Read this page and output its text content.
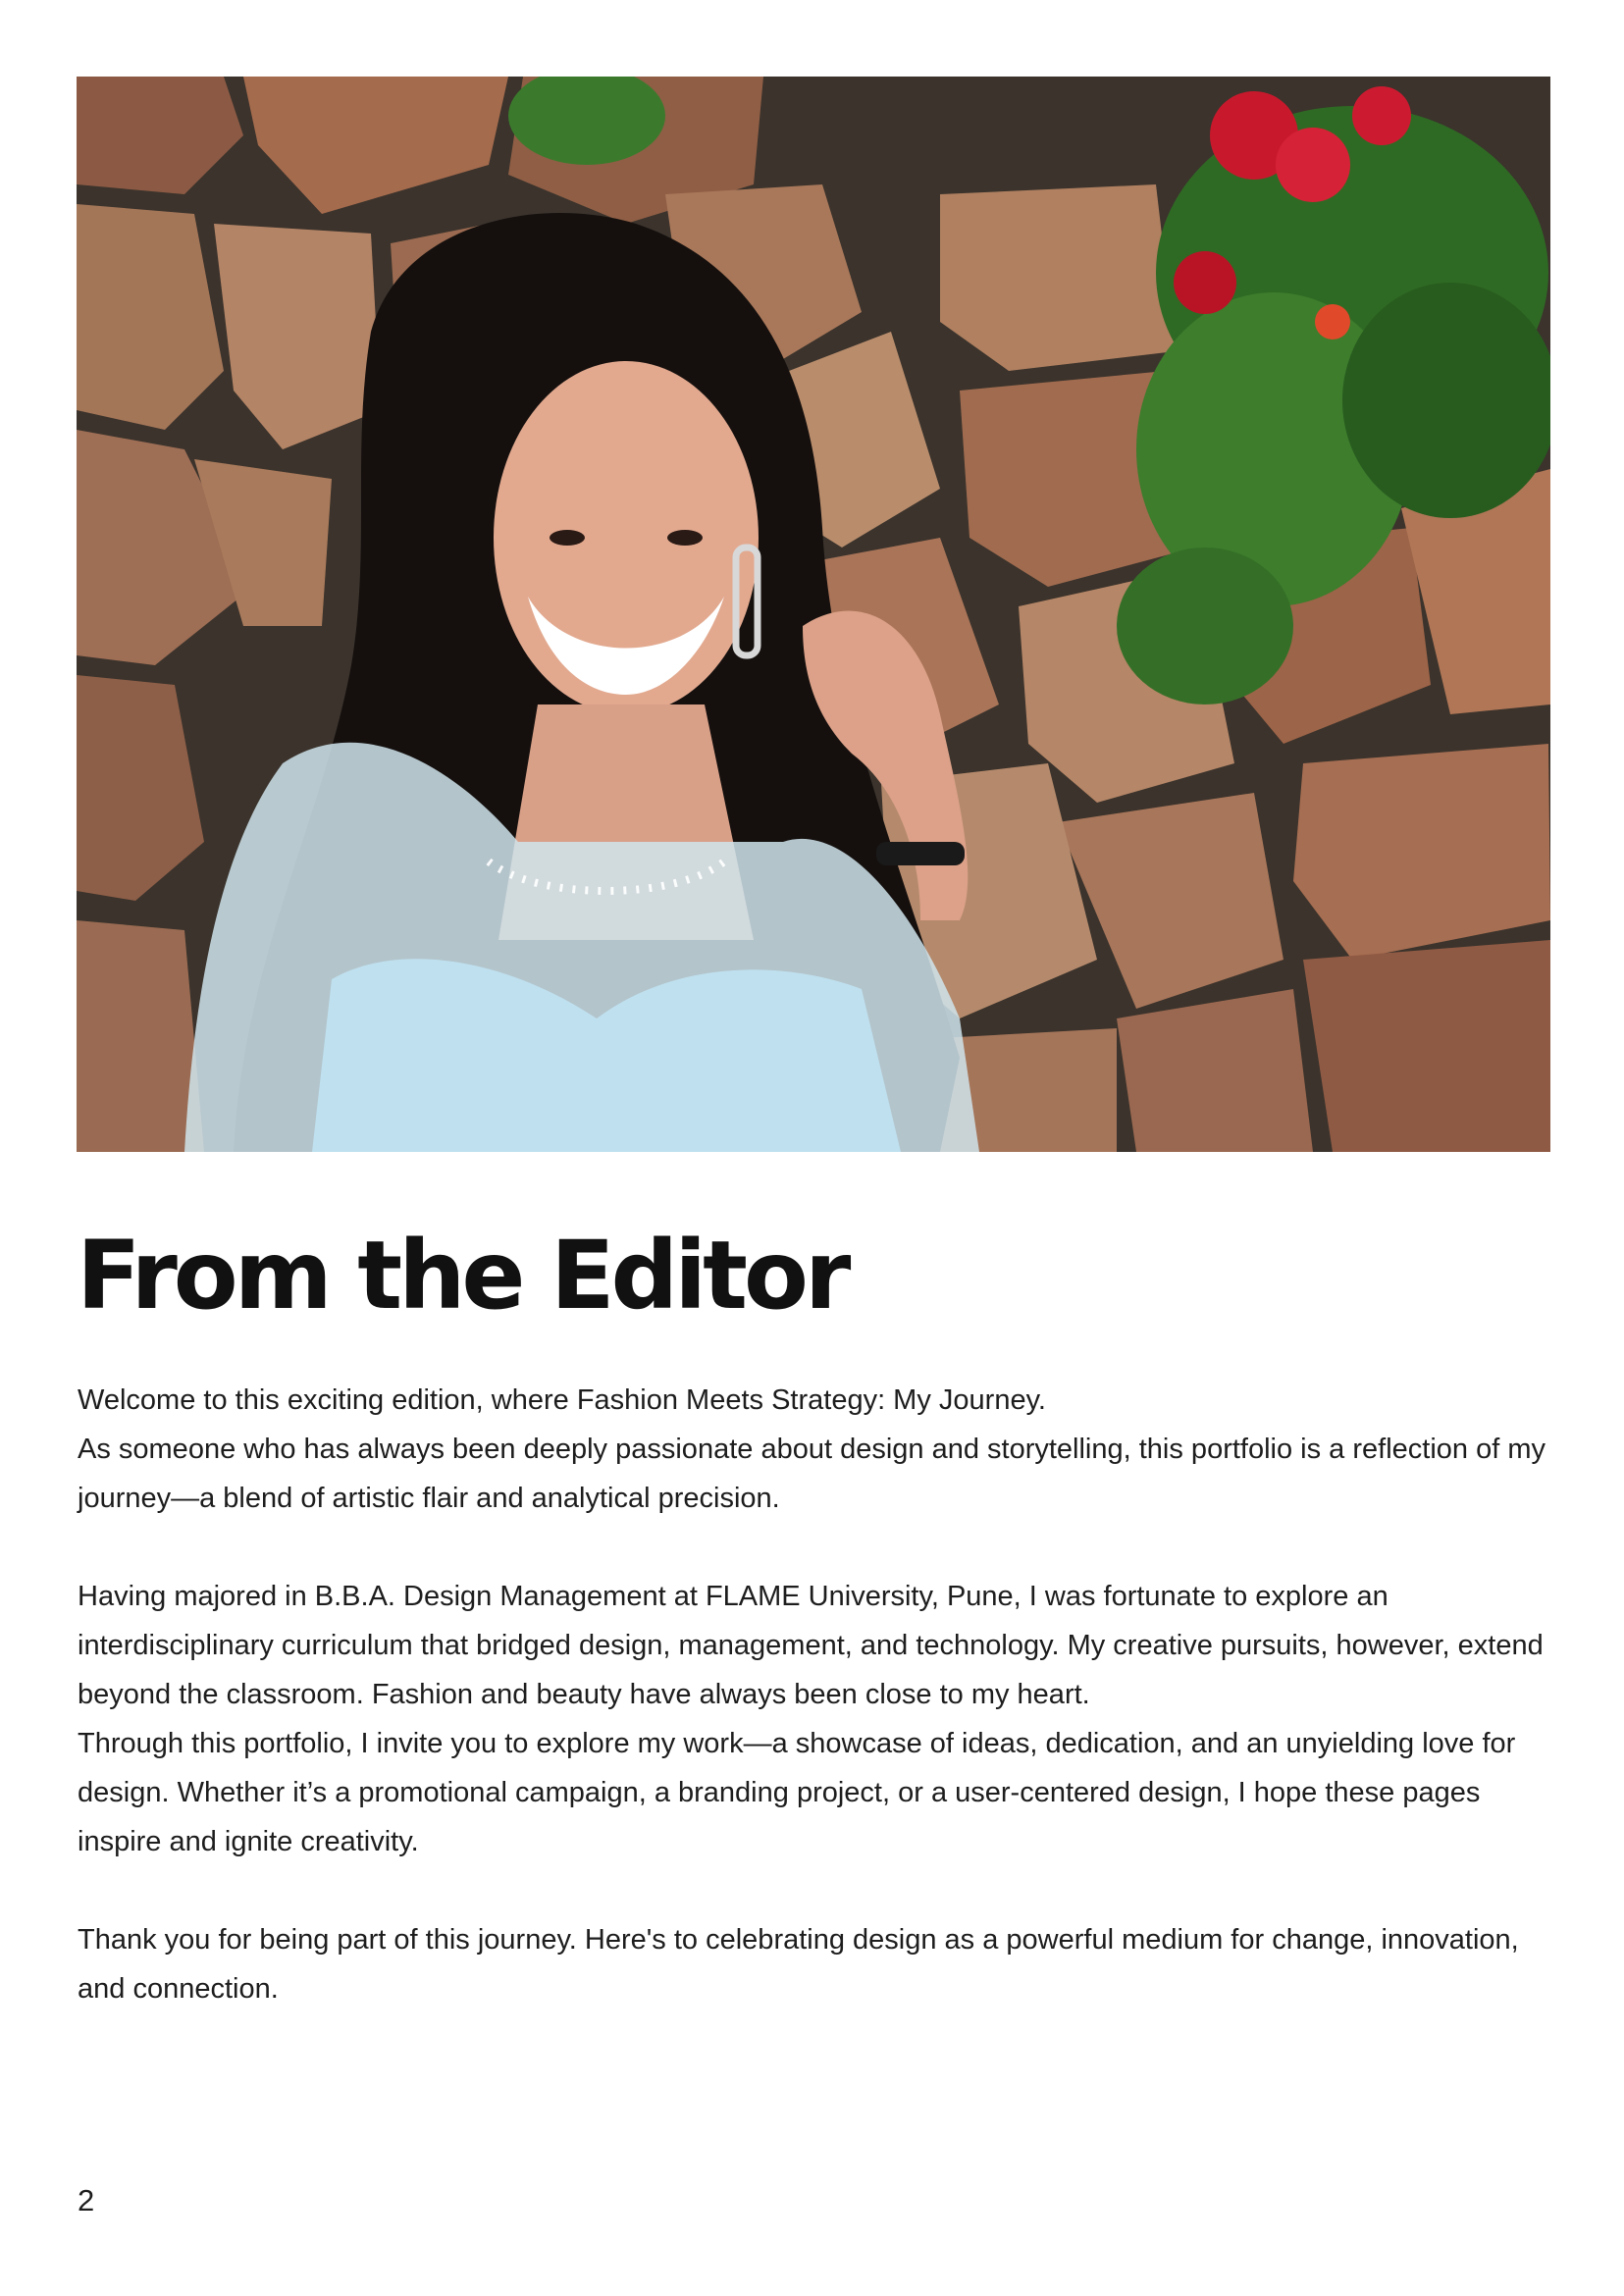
From the Editor

Welcome to this exciting edition, where Fashion Meets Strategy: My Journey.

As someone who has always been deeply passionate about design and storytelling, this portfolio is a reflection of my journey—a blend of artistic flair and analytical precision.

Having majored in B.B.A. Design Management at FLAME University, Pune, I was fortunate to explore an interdisciplinary curriculum that bridged design, management, and technology. My creative pursuits, however, extend beyond the classroom. Fashion and beauty have always been close to my heart.

Through this portfolio, I invite you to explore my work—a showcase of ideas, dedication, and an unyielding love for design. Whether it’s a promotional campaign, a branding project, or a user-centered design, I hope these pages inspire and ignite creativity.

Thank you for being part of this journey. Here's to celebrating design as a powerful medium for change, innovation, and connection.

2
